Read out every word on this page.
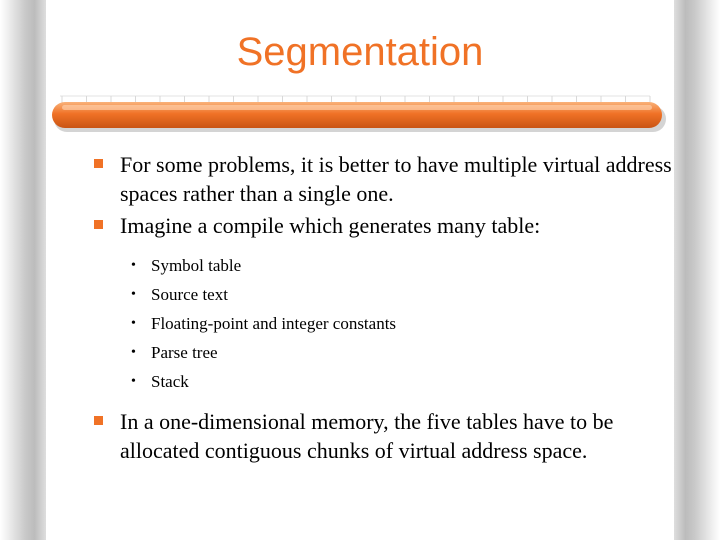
Segmentation
For some problems, it is better to have multiple virtual address spaces rather than a single one.
Imagine a compile which generates many table:
• Symbol table
• Source text
• Floating-point and integer constants
• Parse tree
• Stack
In a one-dimensional memory, the five tables have to be allocated contiguous chunks of virtual address space.
